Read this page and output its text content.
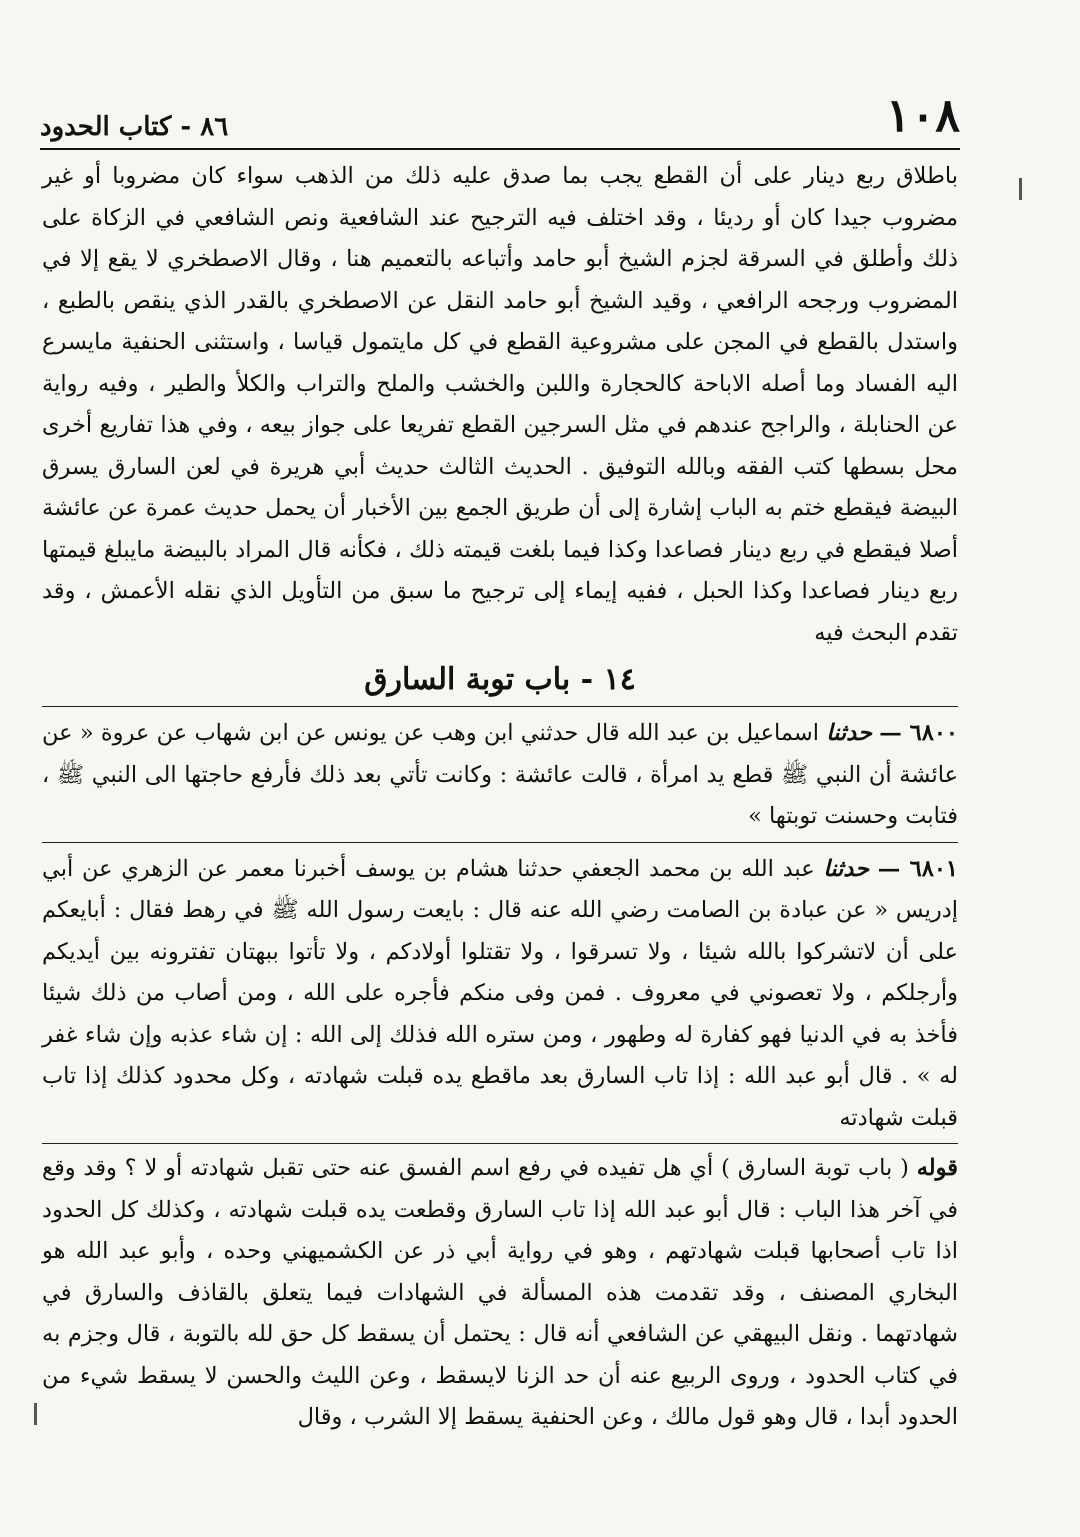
١٠٨
٨٦ - كتاب الحدود

باطلاق ربع دينار على أن القطع يجب بما صدق عليه ذلك من الذهب سواء كان مضروبا أو غير مضروب جيدا كان أو رديئا ، وقد اختلف فيه الترجيح عند الشافعية ونص الشافعي في الزكاة على ذلك وأطلق في السرقة لجزم الشيخ أبو حامد وأتباعه بالتعميم هنا ، وقال الاصطخري لا يقع إلا في المضروب ورجحه الرافعي ، وقيد الشيخ أبو حامد النقل عن الاصطخري بالقدر الذي ينقص بالطبع ، واستدل بالقطع في المجن على مشروعية القطع في كل مايتمول قياسا ، واستثنى الحنفية مايسرع اليه الفساد وما أصله الاباحة كالحجارة واللبن والخشب والملح والتراب والكلأ والطير ، وفيه رواية عن الحنابلة ، والراجح عندهم في مثل السرجين القطع تفريعا على جواز بيعه ، وفي هذا تفاريع أخرى محل بسطها كتب الفقه وبالله التوفيق . الحديث الثالث حديث أبي هريرة في لعن السارق يسرق البيضة فيقطع ختم به الباب إشارة إلى أن طريق الجمع بين الأخبار أن يحمل حديث عمرة عن عائشة أصلا فيقطع في ربع دينار فصاعدا وكذا فيما بلغت قيمته ذلك ، فكأنه قال المراد بالبيضة مايبلغ قيمتها ربع دينار فصاعدا وكذا الحبل ، ففيه إيماء إلى ترجيح ما سبق من التأويل الذي نقله الأعمش ، وقد تقدم البحث فيه

١٤ - باب توبة السارق

٦٨٠٠ — حدثنا اسماعيل بن عبد الله قال حدثني ابن وهب عن يونس عن ابن شهاب عن عروة « عن عائشة أن النبي ﷺ قطع يد امرأة ، قالت عائشة : وكانت تأتي بعد ذلك فأرفع حاجتها الى النبي ﷺ ، فتابت وحسنت توبتها »

٦٨٠١ — حدثنا عبد الله بن محمد الجعفي حدثنا هشام بن يوسف أخبرنا معمر عن الزهري عن أبي إدريس « عن عبادة بن الصامت رضي الله عنه قال : بايعت رسول الله ﷺ في رهط فقال : أبايعكم على أن لاتشركوا بالله شيئا ، ولا تسرقوا ، ولا تقتلوا أولادكم ، ولا تأتوا ببهتان تفترونه بين أيديكم وأرجلكم ، ولا تعصوني في معروف . فمن وفى منكم فأجره على الله ، ومن أصاب من ذلك شيئا فأخذ به في الدنيا فهو كفارة له وطهور ، ومن ستره الله فذلك إلى الله : إن شاء عذبه وإن شاء غفر له » . قال أبو عبد الله : إذا تاب السارق بعد ماقطع يده قبلت شهادته ، وكل محدود كذلك إذا تاب قبلت شهادته

قوله ( باب توبة السارق ) أي هل تفيده في رفع اسم الفسق عنه حتى تقبل شهادته أو لا ؟ وقد وقع في آخر هذا الباب : قال أبو عبد الله إذا تاب السارق وقطعت يده قبلت شهادته ، وكذلك كل الحدود اذا تاب أصحابها قبلت شهادتهم ، وهو في رواية أبي ذر عن الكشميهني وحده ، وأبو عبد الله هو البخاري المصنف ، وقد تقدمت هذه المسألة في الشهادات فيما يتعلق بالقاذف والسارق في شهادتهما . ونقل البيهقي عن الشافعي أنه قال : يحتمل أن يسقط كل حق لله بالتوبة ، قال وجزم به في كتاب الحدود ، وروى الربيع عنه أن حد الزنا لايسقط ، وعن الليث والحسن لا يسقط شيء من الحدود أبدا ، قال وهو قول مالك ، وعن الحنفية يسقط إلا الشرب ، وقال
